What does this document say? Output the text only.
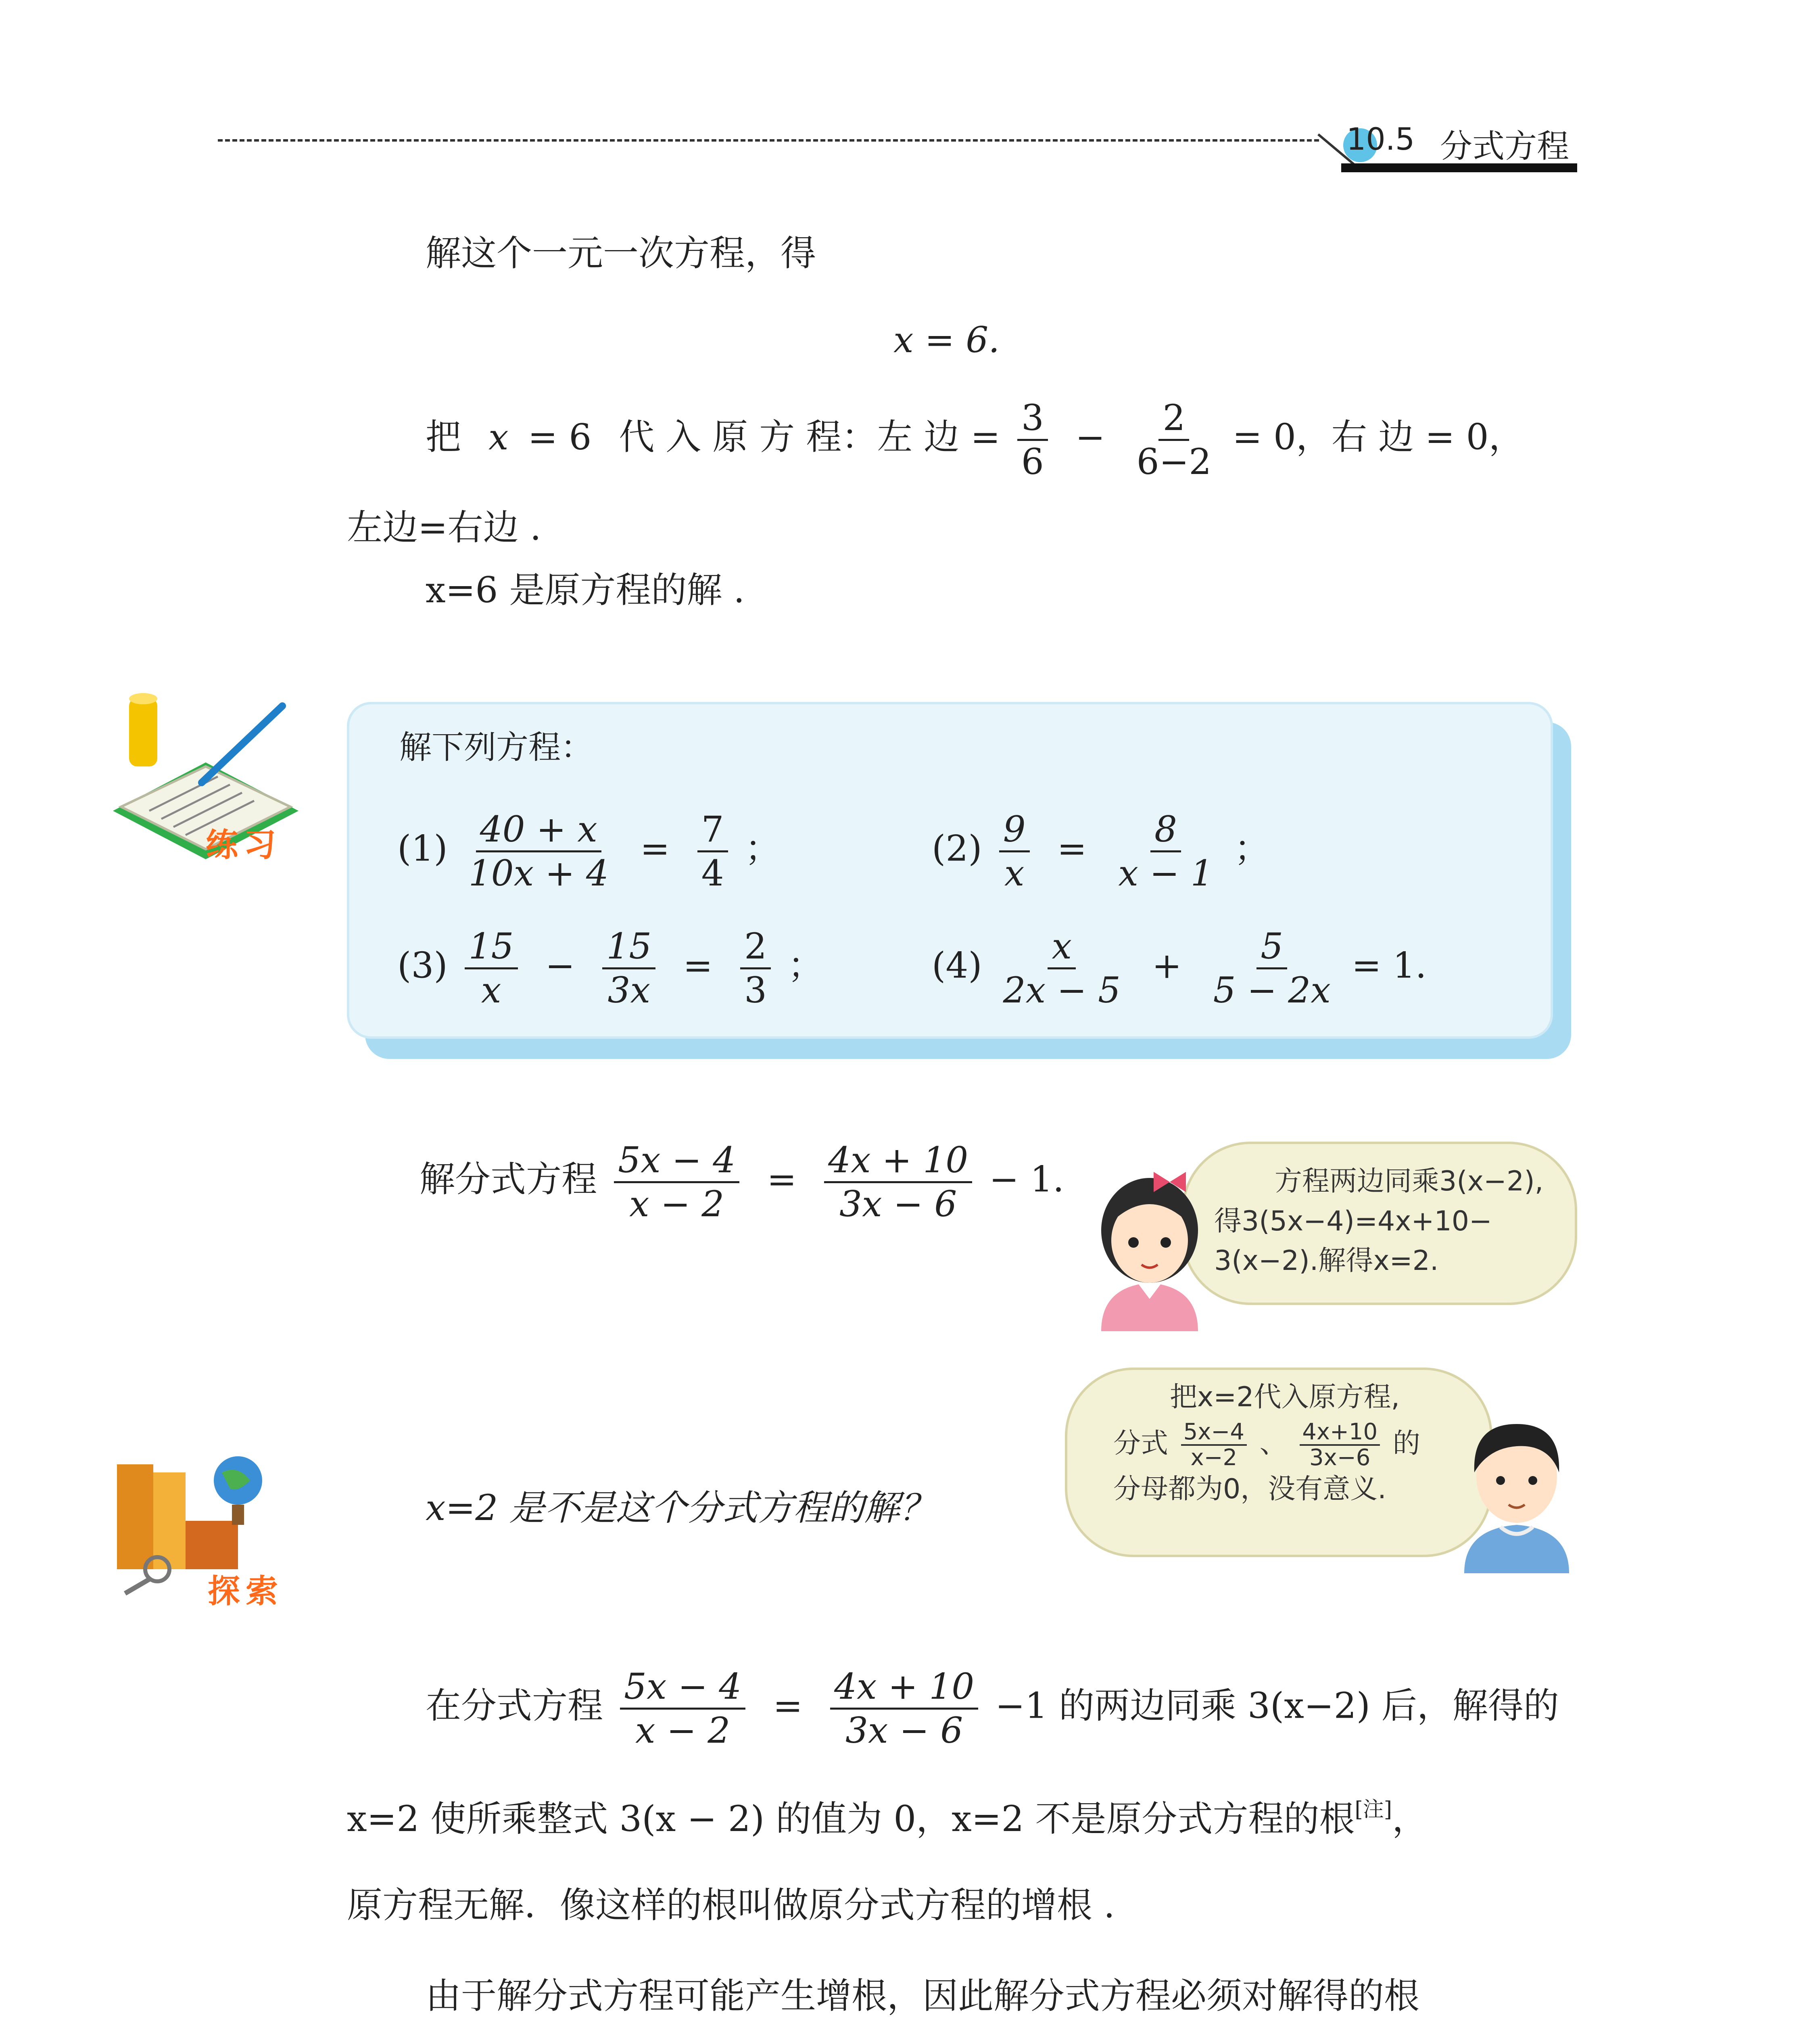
10.5 分式方程
解这个一元一次方程，得
x = 6.
把 x = 6 代 入 原 方 程：左 边 = $\frac{3}{6} - \frac{2}{6-2} = 0$，右 边 = 0，
左边=右边 .
x=6 是原方程的解 .
练习
解下列方程：
$(1) \frac{40 + x}{10x + 4} = \frac{7}{4}$ ；	$(2) \frac{9}{x} = \frac{8}{x - 1}$ ；
$(3) \frac{15}{x} - \frac{15}{3x} = \frac{2}{3}$ ；	$(4) \frac{x}{2x - 5} + \frac{5}{5 - 2x} = 1$.
解分式方程 $\frac{5x - 4}{x - 2} = \frac{4x + 10}{3x - 6} - 1$.	方程两边同乘3(x−2),
得3(5x−4)=4x+10−
3(x−2).解得x=2.
把x=2代入原方程,
分式 $\frac{5x-4}{x-2}$ 、 $\frac{4x+10}{3x-6}$ 的
分母都为0，没有意义.
探索
x=2 是不是这个分式方程的解？
在分式方程 $\frac{5x - 4}{x - 2} = \frac{4x + 10}{3x - 6} -1$ 的两边同乘 3(x−2) 后，解得的
x=2 使所乘整式 3(x − 2) 的值为 0，x=2 不是原分式方程的根[注]，
原方程无解．像这样的根叫做原分式方程的增根 .
由于解分式方程可能产生增根，因此解分式方程必须对解得的根
